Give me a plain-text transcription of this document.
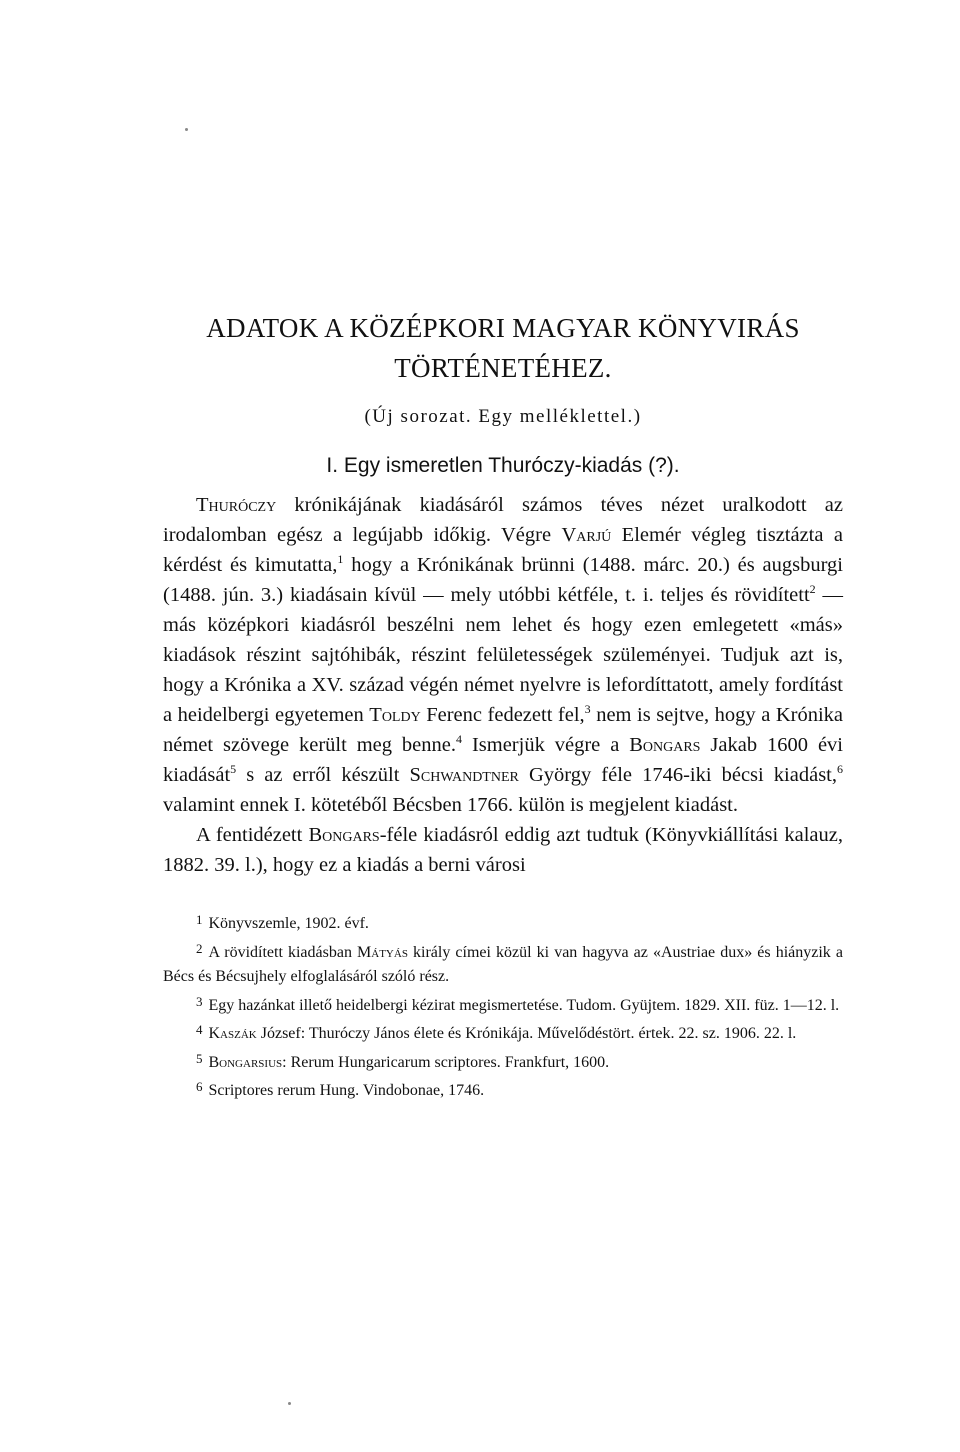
ADATOK A KÖZÉPKORI MAGYAR KÖNYVIRÁS
TÖRTÉNETÉHEZ.
(Új sorozat. Egy melléklettel.)
I. Egy ismeretlen Thuróczy-kiadás (?).

Thuróczy krónikájának kiadásáról számos téves nézet uralkodott az irodalomban egész a legújabb időkig. Végre Varjú Elemér végleg tisztázta a kérdést és kimutatta,$^1$ hogy a Krónikának brünni (1488. márc. 20.) és augsburgi (1488. jún. 3.) kiadásain kívül — mely utóbbi kétféle, t. i. teljes és rövidített$^2$ — más középkori kiadásról beszélni nem lehet és hogy ezen emlegetett «más» kiadások részint sajtóhibák, részint felületességek szüleményei. Tudjuk azt is, hogy a Krónika a XV. század végén német nyelvre is lefordíttatott, amely fordítást a heidelbergi egyetemen Toldy Ferenc fedezett fel,$^3$ nem is sejtve, hogy a Krónika német szövege került meg benne.$^4$ Ismerjük végre a Bongars Jakab 1600 évi kiadását$^5$ s az erről készült Schwandtner György féle 1746-iki bécsi kiadást,$^6$ valamint ennek I. kötetéből Bécsben 1766. külön is megjelent kiadást.

A fentidézett Bongars-féle kiadásról eddig azt tudtuk (Könyvkiállítási kalauz, 1882. 39. l.), hogy ez a kiadás a berni városi

$^1$ Könyvszemle, 1902. évf.

$^2$ A rövidített kiadásban Mátyás király címei közül ki van hagyva az «Austriae dux» és hiányzik a Bécs és Bécsujhely elfoglalásáról szóló rész.

$^3$ Egy hazánkat illető heidelbergi kézirat megismertetése. Tudom. Gyüjtem. 1829. XII. füz. 1—12. l.

$^4$ Kaszák József: Thuróczy János élete és Krónikája. Művelődéstört. értek. 22. sz. 1906. 22. l.

$^5$ Bongarsius: Rerum Hungaricarum scriptores. Frankfurt, 1600.

$^6$ Scriptores rerum Hung. Vindobonae, 1746.
